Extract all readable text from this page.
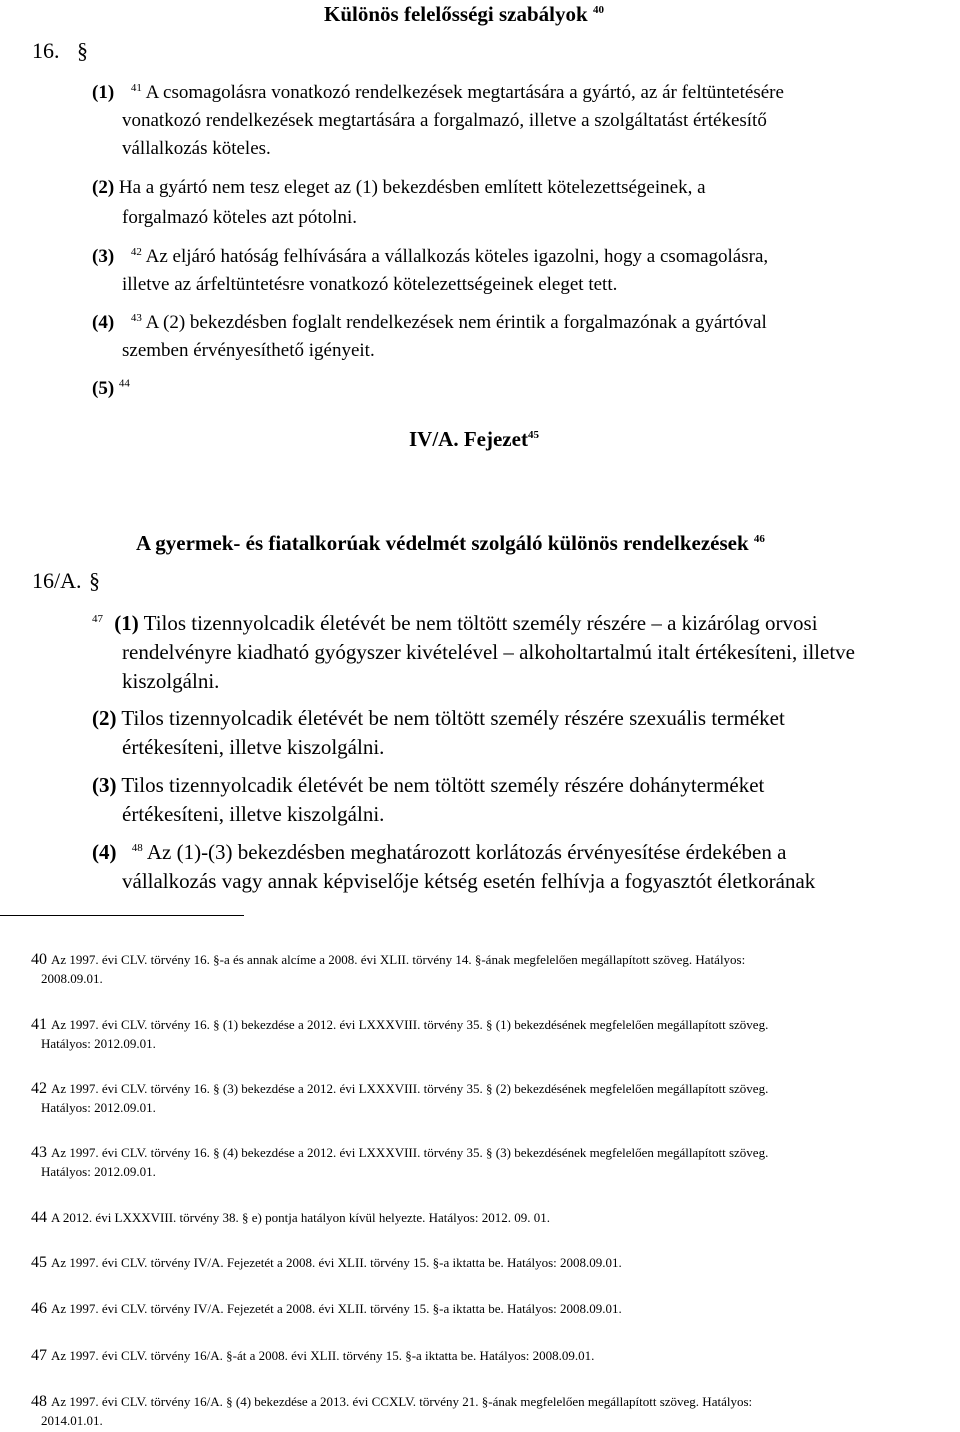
Különös felelősségi szabályok $^{40}$
16. §
(1) $^{41}$ A csomagolásra vonatkozó rendelkezések megtartására a gyártó, az ár feltüntetésére
vonatkozó rendelkezések megtartására a forgalmazó, illetve a szolgáltatást értékesítő
vállalkozás köteles.
(2) Ha a gyártó nem tesz eleget az (1) bekezdésben említett kötelezettségeinek, a
forgalmazó köteles azt pótolni.
(3) $^{42}$ Az eljáró hatóság felhívására a vállalkozás köteles igazolni, hogy a csomagolásra,
illetve az árfeltüntetésre vonatkozó kötelezettségeinek eleget tett.
(4) $^{43}$ A (2) bekezdésben foglalt rendelkezések nem érintik a forgalmazónak a gyártóval
szemben érvényesíthető igényeit.
(5) $^{44}$
IV/A. Fejezet$^{45}$
A gyermek- és fiatalkorúak védelmét szolgáló különös rendelkezések $^{46}$
16/A. §
$^{47}$ (1) Tilos tizennyolcadik életévét be nem töltött személy részére – a kizárólag orvosi
rendelvényre kiadható gyógyszer kivételével – alkoholtartalmú italt értékesíteni, illetve
kiszolgálni.
(2) Tilos tizennyolcadik életévét be nem töltött személy részére szexuális terméket
értékesíteni, illetve kiszolgálni.
(3) Tilos tizennyolcadik életévét be nem töltött személy részére dohányterméket
értékesíteni, illetve kiszolgálni.
(4) $^{48}$ Az (1)-(3) bekezdésben meghatározott korlátozás érvényesítése érdekében a
vállalkozás vagy annak képviselője kétség esetén felhívja a fogyasztót életkorának
40 Az 1997. évi CLV. törvény 16. §-a és annak alcíme a 2008. évi XLII. törvény 14. §-ának megfelelően megállapított szöveg. Hatályos:
2008.09.01.
41 Az 1997. évi CLV. törvény 16. § (1) bekezdése a 2012. évi LXXXVIII. törvény 35. § (1) bekezdésének megfelelően megállapított szöveg.
Hatályos: 2012.09.01.
42 Az 1997. évi CLV. törvény 16. § (3) bekezdése a 2012. évi LXXXVIII. törvény 35. § (2) bekezdésének megfelelően megállapított szöveg.
Hatályos: 2012.09.01.
43 Az 1997. évi CLV. törvény 16. § (4) bekezdése a 2012. évi LXXXVIII. törvény 35. § (3) bekezdésének megfelelően megállapított szöveg.
Hatályos: 2012.09.01.
44 A 2012. évi LXXXVIII. törvény 38. § e) pontja hatályon kívül helyezte. Hatályos: 2012. 09. 01.
45 Az 1997. évi CLV. törvény IV/A. Fejezetét a 2008. évi XLII. törvény 15. §-a iktatta be. Hatályos: 2008.09.01.
46 Az 1997. évi CLV. törvény IV/A. Fejezetét a 2008. évi XLII. törvény 15. §-a iktatta be. Hatályos: 2008.09.01.
47 Az 1997. évi CLV. törvény 16/A. §-át a 2008. évi XLII. törvény 15. §-a iktatta be. Hatályos: 2008.09.01.
48 Az 1997. évi CLV. törvény 16/A. § (4) bekezdése a 2013. évi CCXLV. törvény 21. §-ának megfelelően megállapított szöveg. Hatályos:
2014.01.01.
